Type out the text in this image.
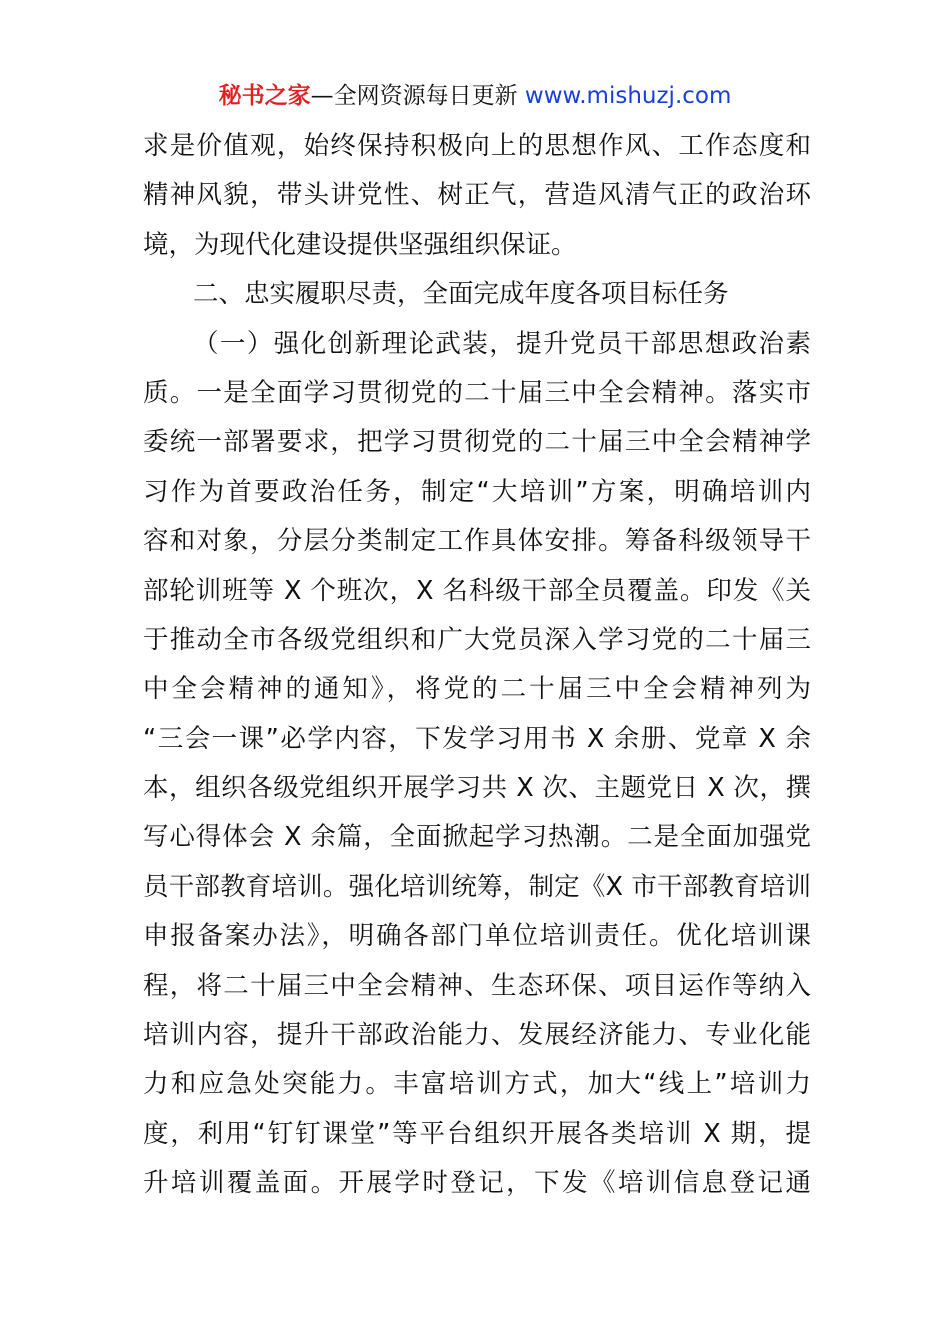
秘书之家—全网资源每日更新 www.mishuzj.com
求是价值观，始终保持积极向上的思想作风、工作态度和
精神风貌，带头讲党性、树正气，营造风清气正的政治环
境，为现代化建设提供坚强组织保证。
二、忠实履职尽责，全面完成年度各项目标任务
（一）强化创新理论武装，提升党员干部思想政治素
质。一是全面学习贯彻党的二十届三中全会精神。落实市
委统一部署要求，把学习贯彻党的二十届三中全会精神学
习作为首要政治任务，制定“大培训”方案，明确培训内
容和对象，分层分类制定工作具体安排。筹备科级领导干
部轮训班等 X 个班次，X 名科级干部全员覆盖。印发《关
于推动全市各级党组织和广大党员深入学习党的二十届三
中全会精神的通知》，将党的二十届三中全会精神列为
“三会一课”必学内容，下发学习用书 X 余册、党章 X 余
本，组织各级党组织开展学习共 X 次、主题党日 X 次，撰
写心得体会 X 余篇，全面掀起学习热潮。二是全面加强党
员干部教育培训。强化培训统筹，制定《X 市干部教育培训
申报备案办法》，明确各部门单位培训责任。优化培训课
程，将二十届三中全会精神、生态环保、项目运作等纳入
培训内容，提升干部政治能力、发展经济能力、专业化能
力和应急处突能力。丰富培训方式，加大“线上”培训力
度，利用“钉钉课堂”等平台组织开展各类培训 X 期，提
升培训覆盖面。开展学时登记，下发《培训信息登记通
